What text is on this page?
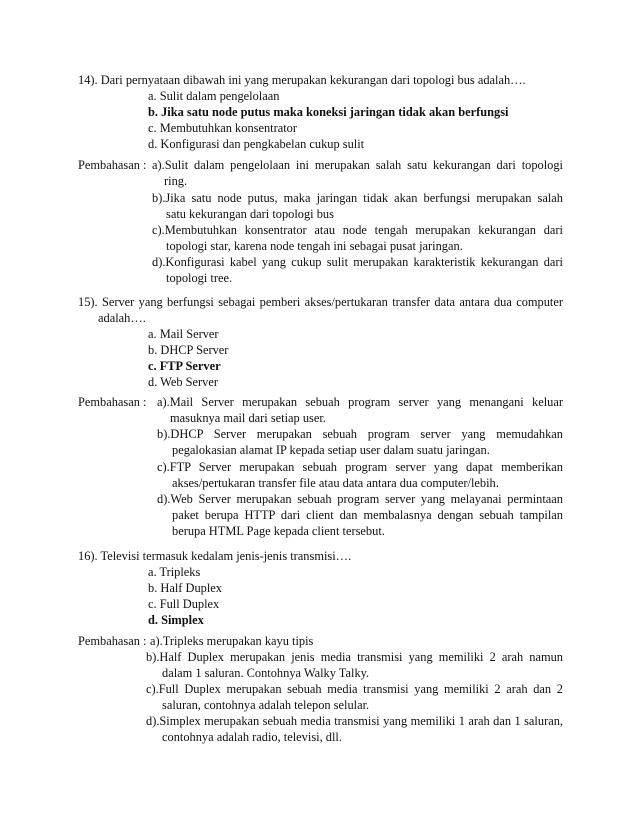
14). Dari pernyataan dibawah ini yang merupakan kekurangan dari topologi bus adalah….
a. Sulit dalam pengelolaan
b. Jika satu node putus maka koneksi jaringan tidak akan berfungsi
c. Membutuhkan konsentrator
d. Konfigurasi dan pengkabelan cukup sulit
Pembahasan : a).Sulit dalam pengelolaan ini merupakan salah satu kekurangan dari topologi
ring.
b).Jika satu node putus, maka jaringan tidak akan berfungsi merupakan salah
satu kekurangan dari topologi bus
c).Membutuhkan konsentrator atau node tengah merupakan kekurangan dari
topologi star, karena node tengah ini sebagai pusat jaringan.
d).Konfigurasi kabel yang cukup sulit merupakan karakteristik kekurangan dari
topologi tree.
15). Server yang berfungsi sebagai pemberi akses/pertukaran transfer data antara dua computer
adalah….
a. Mail Server
b. DHCP Server
c. FTP Server
d. Web Server
Pembahasan : a).Mail Server merupakan sebuah program server yang menangani keluar
masuknya mail dari setiap user.
b).DHCP Server merupakan sebuah program server yang memudahkan
pegalokasian alamat IP kepada setiap user dalam suatu jaringan.
c).FTP Server merupakan sebuah program server yang dapat memberikan
akses/pertukaran transfer file atau data antara dua computer/lebih.
d).Web Server merupakan sebuah program server yang melayanai permintaan
paket berupa HTTP dari client dan membalasnya dengan sebuah tampilan
berupa HTML Page kepada client tersebut.
16). Televisi termasuk kedalam jenis-jenis transmisi….
a. Tripleks
b. Half Duplex
c. Full Duplex
d. Simplex
Pembahasan : a).Tripleks merupakan kayu tipis
b).Half Duplex merupakan jenis media transmisi yang memiliki 2 arah namun
dalam 1 saluran. Contohnya Walky Talky.
c).Full Duplex merupakan sebuah media transmisi yang memiliki 2 arah dan 2
saluran, contohnya adalah telepon selular.
d).Simplex merupakan sebuah media transmisi yang memiliki 1 arah dan 1 saluran,
contohnya adalah radio, televisi, dll.
